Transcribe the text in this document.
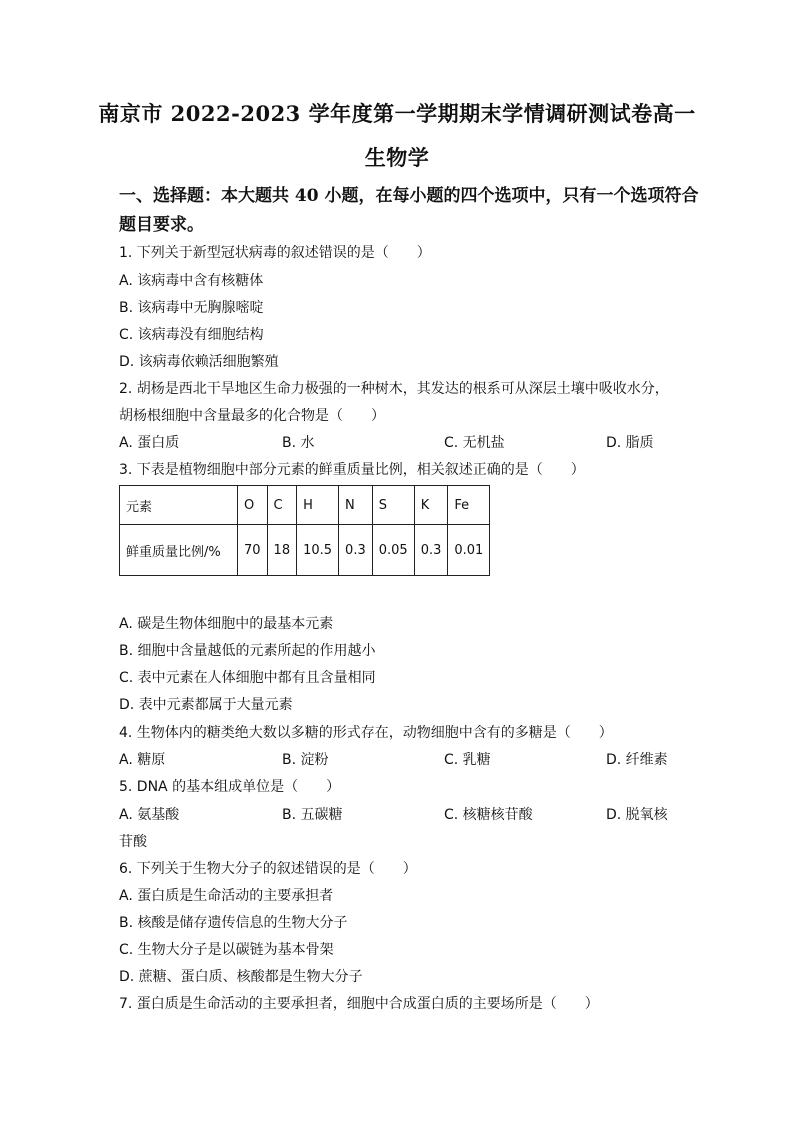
南京市 2022-2023 学年度第一学期期末学情调研测试卷高一
生物学
一、选择题：本大题共 40 小题，在每小题的四个选项中，只有一个选项符合
题目要求。
1. 下列关于新型冠状病毒的叙述错误的是（　　）
A. 该病毒中含有核糖体
B. 该病毒中无胸腺嘧啶
C. 该病毒没有细胞结构
D. 该病毒依赖活细胞繁殖
2. 胡杨是西北干旱地区生命力极强的一种树木，其发达的根系可从深层土壤中吸收水分，
胡杨根细胞中含量最多的化合物是（　　）
A. 蛋白质	B. 水	C. 无机盐	D. 脂质
3. 下表是植物细胞中部分元素的鲜重质量比例，相关叙述正确的是（　　）
元素	O	C	H	N	S	K	Fe
鲜重质量比例/%	70	18	10.5	0.3	0.05	0.3	0.01
A. 碳是生物体细胞中的最基本元素
B. 细胞中含量越低的元素所起的作用越小
C. 表中元素在人体细胞中都有且含量相同
D. 表中元素都属于大量元素
4. 生物体内的糖类绝大数以多糖的形式存在，动物细胞中含有的多糖是（　　）
A. 糖原	B. 淀粉	C. 乳糖	D. 纤维素
5. DNA 的基本组成单位是（　　）
A. 氨基酸	B. 五碳糖	C. 核糖核苷酸	D. 脱氧核
苷酸
6. 下列关于生物大分子的叙述错误的是（　　）
A. 蛋白质是生命活动的主要承担者
B. 核酸是储存遗传信息的生物大分子
C. 生物大分子是以碳链为基本骨架
D. 蔗糖、蛋白质、核酸都是生物大分子
7. 蛋白质是生命活动的主要承担者，细胞中合成蛋白质的主要场所是（　　）
